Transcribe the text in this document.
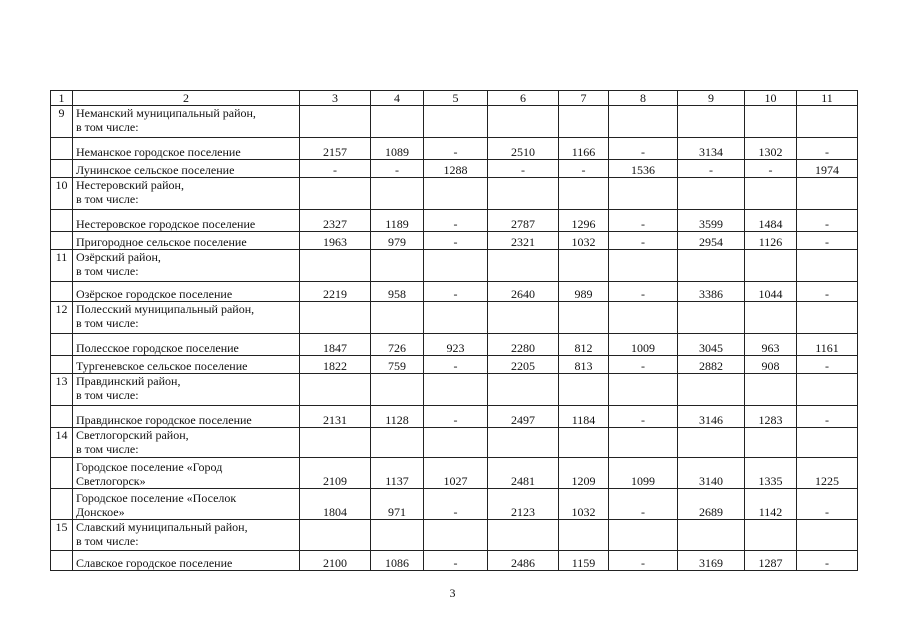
1	2	3	4	5	6	7	8	9	10	11
9	Неманский муниципальный район,
в том числе:									
	Неманское городское поселение	2157	1089	-	2510	1166	-	3134	1302	-
	Лунинское сельское поселение	-	-	1288	-	-	1536	-	-	1974
10	Нестеровский район,
в том числе:									
	Нестеровское городское поселение	2327	1189	-	2787	1296	-	3599	1484	-
	Пригородное сельское поселение	1963	979	-	2321	1032	-	2954	1126	-
11	Озёрский район,
в том числе:									
	Озёрское городское поселение	2219	958	-	2640	989	-	3386	1044	-
12	Полесский муниципальный район,
в том числе:									
	Полесское городское поселение	1847	726	923	2280	812	1009	3045	963	1161
	Тургеневское сельское поселение	1822	759	-	2205	813	-	2882	908	-
13	Правдинский район,
в том числе:									
	Правдинское городское поселение	2131	1128	-	2497	1184	-	3146	1283	-
14	Светлогорский район,
в том числе:									
	Городское поселение «Город
Светлогорск»	2109	1137	1027	2481	1209	1099	3140	1335	1225
	Городское поселение «Поселок
Донское»	1804	971	-	2123	1032	-	2689	1142	-
15	Славский муниципальный район,
в том числе:									
	Славское городское поселение	2100	1086	-	2486	1159	-	3169	1287	-
3
